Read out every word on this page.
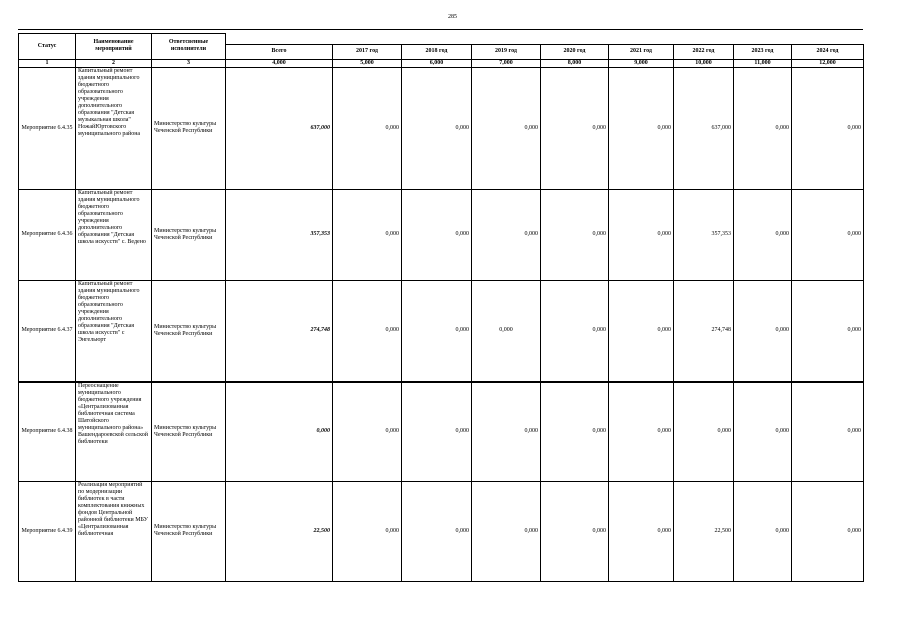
285
Статус	Наименование мероприятий	Ответсвенные исполнители									
			Всего	2017 год	2018 год	2019 год	2020 год	2021 год	2022 год	2023 год	2024 год
1	2	3	4,000	5,000	6,000	7,000	8,000	9,000	10,000	11,000	12,000
Мероприятие 6.4.35	Капитальный ремонт здания муниципального бюджетного образовательного учреждения дополнительного образования "Детская музыкальная школа" НожайЮртовского муниципального района	Министерство культуры Чеченской Республики	637,000	0,000	0,000	0,000	0,000	0,000	637,000	0,000	0,000
Мероприятие 6.4.36	Капитальный ремонт здания муниципального бюджетного образовательного учреждения дополнительного образования "Детская школа искусств" с. Ведено	Министерство культуры Чеченской Республики	357,353	0,000	0,000	0,000	0,000	0,000	357,353	0,000	0,000
Мероприятие 6.4.37	Капитальный ремонт здания муниципального бюджетного образовательного учреждения дополнительного образования "Детская школа искусств" с Энгельюрт	Министерство культуры Чеченской Республики	274,748	0,000	0,000	0,000	0,000	0,000	274,748	0,000	0,000
Мероприятие 6.4.38	Переоснащение муниципального бюджетного учреждения «Централизованная библиотечная система Шатойского муниципального района» Вашендароевской сельской библиотеки	Министерство культуры Чеченской Республики	0,000	0,000	0,000	0,000	0,000	0,000	0,000	0,000	0,000
Мероприятие 6.4.39	Реализация мероприятий по модернизации библиотек в части комплектования книжных фондов Центральной районной библиотеки МБУ «Централизованная библиотечная	Министерство культуры Чеченской Республики	22,500	0,000	0,000	0,000	0,000	0,000	22,500	0,000	0,000
